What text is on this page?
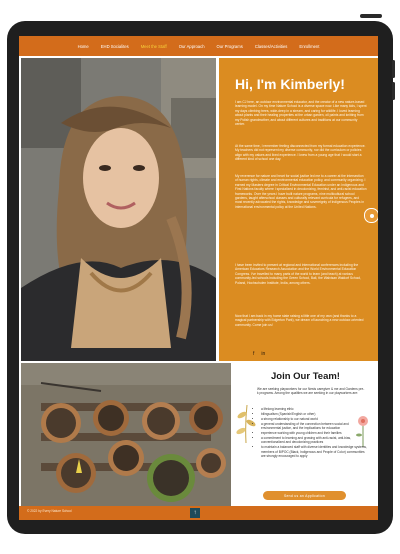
Home	EHD Socialites	Meet the Staff	Our Approach	Our Programs	Classes/Activities	Enrollment
Hi, I'm Kimberly!

I am CJ here, an outdoor environmental educator, and the creator of a new nature-based learning model. On my time Nature School is a diverse space now. Like many kids, I spent my days climbing trees, wide-deep in a stream, and caring for wildlife. I loved learning about plants and their healing properties at the urban garden, oil paints and knitting from my Polish grandmother, and about different cultures and traditions at our community center.

At the same time, I remember feeling disconnected from my formal education experience. My teachers did not represent my diverse community, nor did the curriculum or policies align with my values and lived experience. I knew from a young age that I would start a different kind of school one day.

My reverence for nature and heart for social justice led me to a career at the intersection of human rights, climate and environmental education policy, and community organizing. I earned my Masters degree in Critical Environmental Education under an Indigenous and First Nations faculty where I specialized in decolonizing, feminist, and anti-racist education frameworks. Over the years I have built nature programs, nine multicultural school gardens, taught afterschool classes and culturally relevant curricula for refugees, and most recently advocated the rights, knowledge and sovereignty of Indigenous Peoples in international environmental policy at the United Nations.

I have been invited to present at regional and international conferences including the American Educators Research Association and the World Environmental Education Congress. I've travelled to many parts of the world to learn (and teach) at various community-led schools including the Green School, Bali, the Walvisan Waldorf School, Poland, Hochschulen Institute, India, among others.

Now that I am back in my home state raising a little one of my own (and thanks to a magical partnership with Edgerton Park), we dream of launching a new outdoor-oriented community. Come join us!

f in
Join Our Team!

We are seeking playworkers for our Nests caregiver & me and Gardens pre-k programs. Among the qualities we are seeking in our playworkers are:

• a lifelong learning ethic
• bilingualism (Spanish/English or other)
• a strong relationship to our natural world
• a general understanding of the connection between social and environmental justice, and the implications for education
• experience working with young children and their families
• a commitment to learning and growing with anti-racist, anti-bias, conventionalized and decolonizing practices
• to maintain a balanced staff with diverse identities and knowledge systems, members of BIPOC (Black, Indigenous and People of Color) communities are strongly encouraged to apply
Send us an Application
© 2022 by Every Nature School	↑
